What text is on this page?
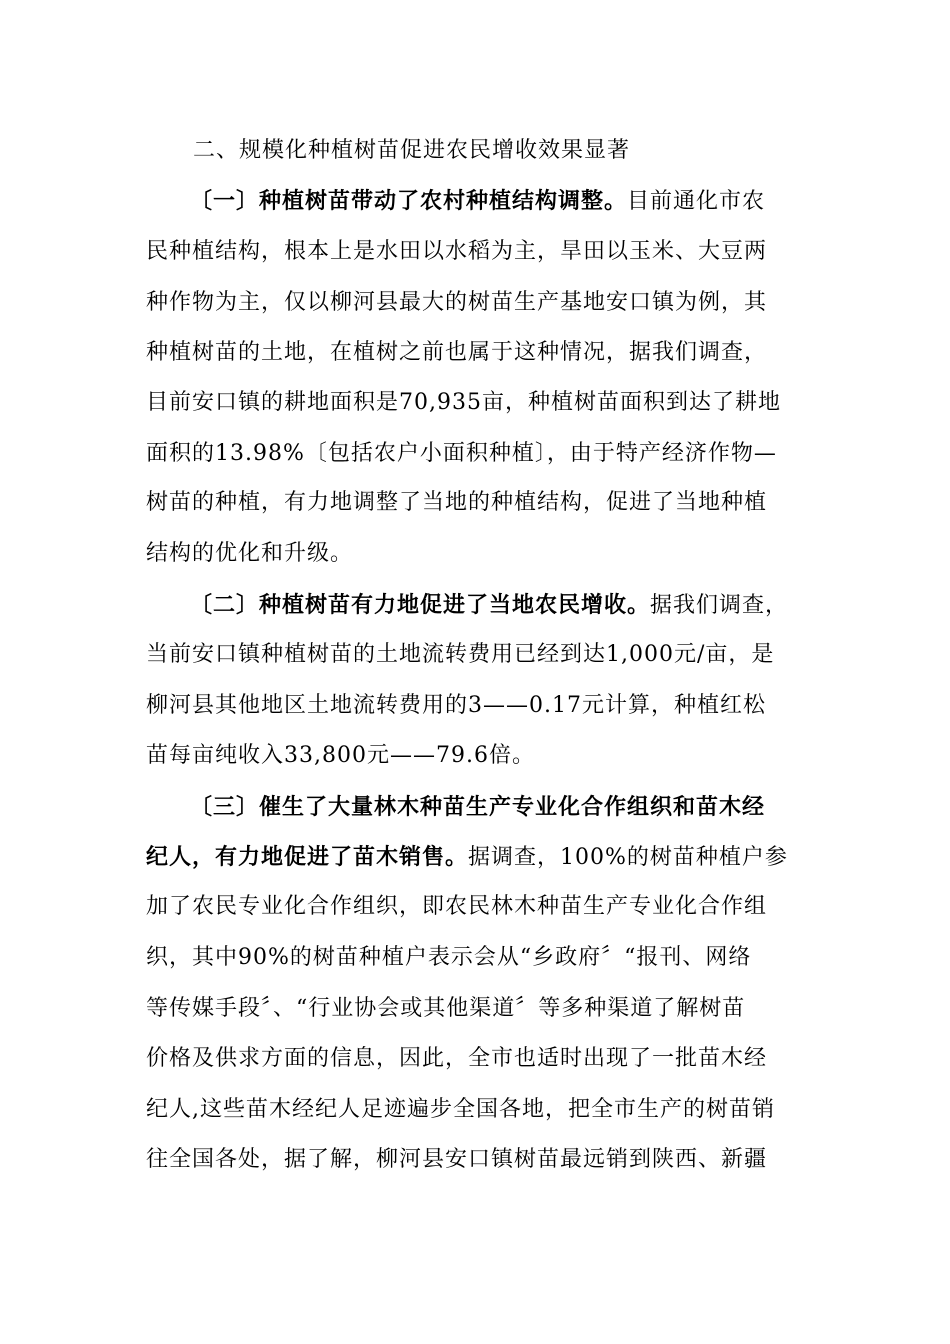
二、规模化种植树苗促进农民增收效果显著
〔一〕种植树苗带动了农村种植结构调整。目前通化市农
民种植结构，根本上是水田以水稻为主，旱田以玉米、大豆两
种作物为主，仅以柳河县最大的树苗生产基地安口镇为例，其
种植树苗的土地，在植树之前也属于这种情况，据我们调查，
目前安口镇的耕地面积是70,935亩，种植树苗面积到达了耕地
面积的13.98%〔包括农户小面积种植〕，由于特产经济作物—
树苗的种植，有力地调整了当地的种植结构，促进了当地种植
结构的优化和升级。
〔二〕种植树苗有力地促进了当地农民增收。据我们调查，
当前安口镇种植树苗的土地流转费用已经到达1,000元/亩，是
柳河县其他地区土地流转费用的3——0.17元计算，种植红松
苗每亩纯收入33,800元——79.6倍。
〔三〕催生了大量林木种苗生产专业化合作组织和苗木经
纪人，有力地促进了苗木销售。据调查，100%的树苗种植户参
加了农民专业化合作组织，即农民林木种苗生产专业化合作组
织，其中90%的树苗种植户表示会从“乡政府〞“报刊、网络
等传媒手段〞、“行业协会或其他渠道〞等多种渠道了解树苗
价格及供求方面的信息，因此，全市也适时出现了一批苗木经
纪人,这些苗木经纪人足迹遍步全国各地，把全市生产的树苗销
往全国各处，据了解，柳河县安口镇树苗最远销到陕西、新疆
